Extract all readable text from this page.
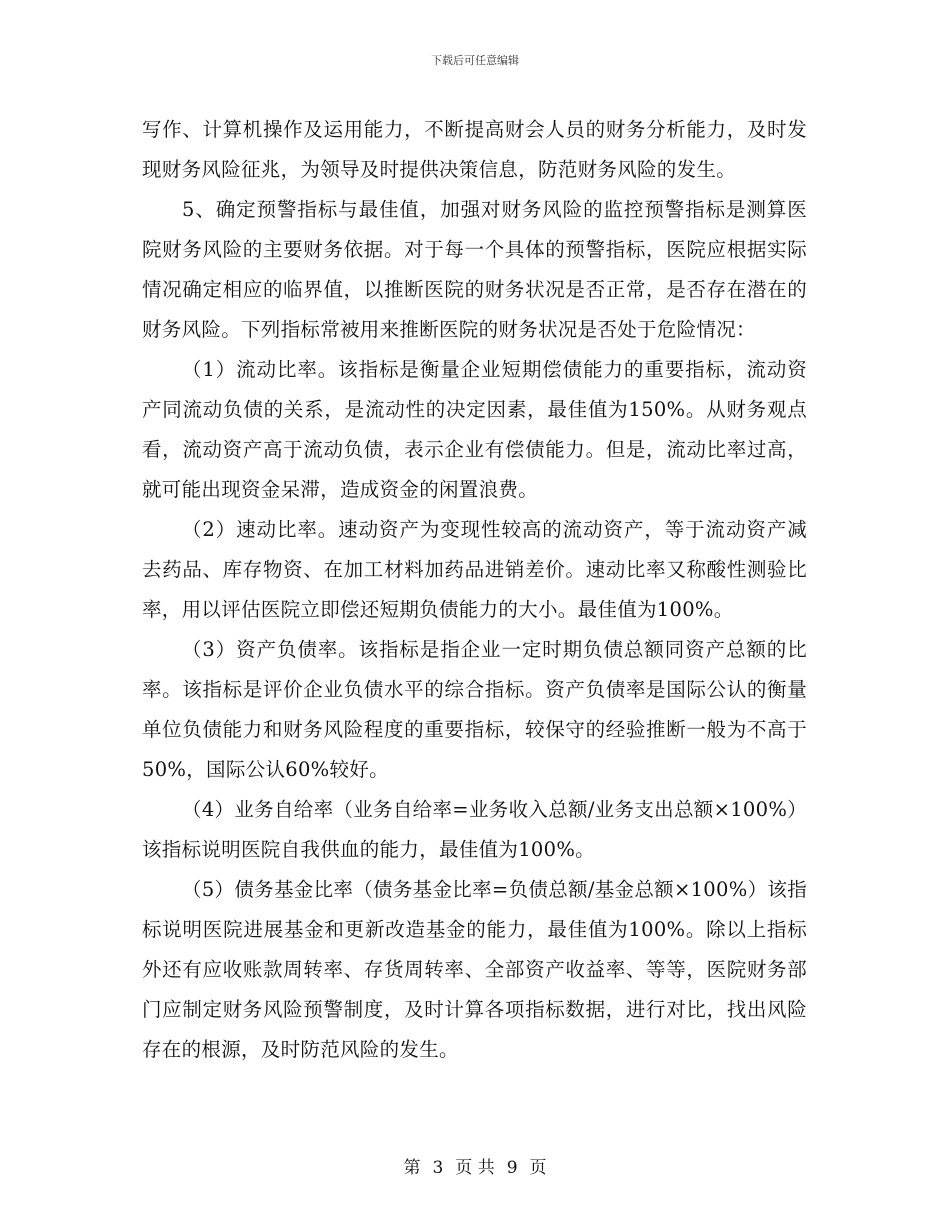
下载后可任意编辑

写作、计算机操作及运用能力，不断提高财会人员的财务分析能力，及时发现财务风险征兆，为领导及时提供决策信息，防范财务风险的发生。

5、确定预警指标与最佳值，加强对财务风险的监控预警指标是测算医院财务风险的主要财务依据。对于每一个具体的预警指标，医院应根据实际情况确定相应的临界值，以推断医院的财务状况是否正常，是否存在潜在的财务风险。下列指标常被用来推断医院的财务状况是否处于危险情况：

（1）流动比率。该指标是衡量企业短期偿债能力的重要指标，流动资产同流动负债的关系，是流动性的决定因素，最佳值为150%。从财务观点看，流动资产高于流动负债，表示企业有偿债能力。但是，流动比率过高，就可能出现资金呆滞，造成资金的闲置浪费。

（2）速动比率。速动资产为变现性较高的流动资产，等于流动资产减去药品、库存物资、在加工材料加药品进销差价。速动比率又称酸性测验比率，用以评估医院立即偿还短期负债能力的大小。最佳值为100%。

（3）资产负债率。该指标是指企业一定时期负债总额同资产总额的比率。该指标是评价企业负债水平的综合指标。资产负债率是国际公认的衡量单位负债能力和财务风险程度的重要指标，较保守的经验推断一般为不高于50%，国际公认60%较好。

（4）业务自给率（业务自给率=业务收入总额/业务支出总额×100%）该指标说明医院自我供血的能力，最佳值为100%。

（5）债务基金比率（债务基金比率=负债总额/基金总额×100%）该指标说明医院进展基金和更新改造基金的能力，最佳值为100%。除以上指标外还有应收账款周转率、存货周转率、全部资产收益率、等等，医院财务部门应制定财务风险预警制度，及时计算各项指标数据，进行对比，找出风险存在的根源，及时防范风险的发生。

第 3 页 共 9 页
